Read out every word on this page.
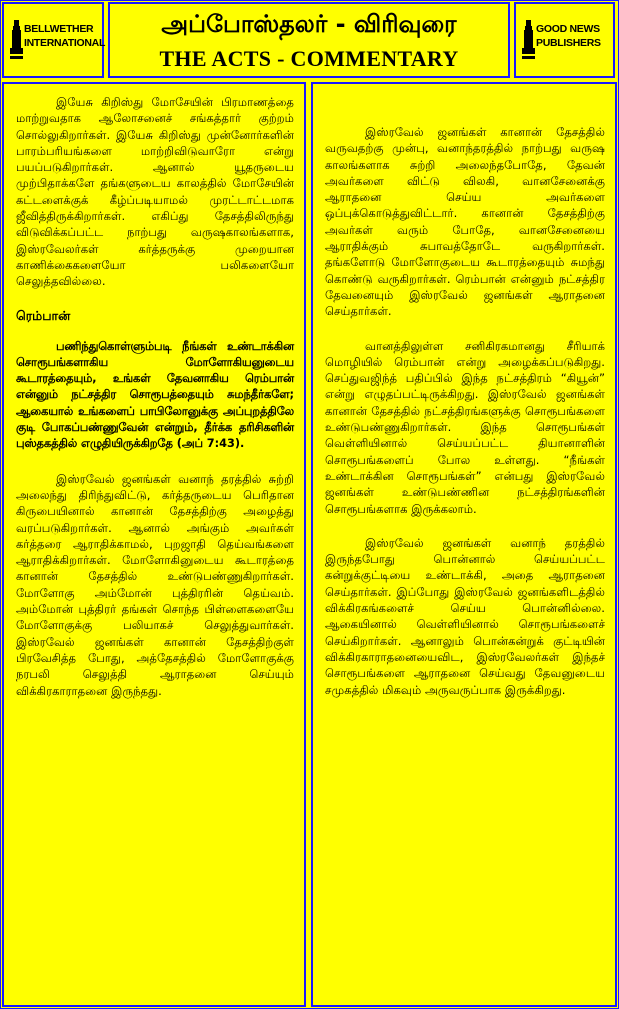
BELLWETHER
INTERNATIONAL
அப்போஸ்தலர் - விரிவுரை
THE ACTS - COMMENTARY
GOOD NEWS
PUBLISHERS

இயேசு கிறிஸ்து மோசேயின் பிரமாணத்தை மாற்றுவதாக ஆலோசனைச் சங்கத்தார் குற்றம் சொல்லுகிறார்கள். இயேசு கிறிஸ்து முன்னோர்களின் பாரம்பரியங்களை மாற்றிவிடுவாரோ என்று பயப்படுகிறார்கள். ஆனால் யூதருடைய முற்பிதாக்களே தங்களுடைய காலத்தில் மோசேயின் கட்டளைக்குக் கீழ்ப்படியாமல் முரட்டாட்டமாக ஜீவித்திருக்கிறார்கள். எகிப்து தேசத்திலிருந்து விடுவிக்கப்பட்ட நாற்பது வருஷகாலங்களாக, இஸ்ரவேலர்கள் கர்த்தருக்கு முறையான காணிக்கைகளையோ பலிகளையோ செலுத்தவில்லை.

ரெம்பான்

பணிந்துகொள்ளும்படி நீங்கள் உண்டாக்கின சொரூபங்களாகிய மோளோகியனுடைய கூடாரத்தையும், உங்கள் தேவனாகிய ரெம்பான் என்னும் நட்சத்திர சொரூபத்தையும் சுமந்தீர்களே; ஆகையால் உங்களைப் பாபிலோனுக்கு அப்புறத்திலே குடி போகப்பண்ணுவேன் என்றும், தீர்க்க தரிசிகளின் புஸ்தகத்தில் எழுதியிருக்கிறதே (அப் 7:43).

இஸ்ரவேல் ஜனங்கள் வனாந் தரத்தில் சுற்றி அலைந்து திரிந்துவிட்டு, கர்த்தருடைய பெரிதான கிருபையினால் கானான் தேசத்திற்கு அழைத்து வரப்படுகிறார்கள். ஆனால் அங்கும் அவர்கள் கர்த்தரை ஆராதிக்காமல், புறஜாதி தெய்வங்களை ஆராதிக்கிறார்கள். மோளோகினுடைய கூடாரத்தை கானான் தேசத்தில் உண்டுபண்ணுகிறார்கள். மோளோகு அம்மோன் புத்திரரின் தெய்வம். அம்மோன் புத்திரர் தங்கள் சொந்த பிள்ளைகளையே மோளோகுக்கு பலியாகச் செலுத்துவார்கள். இஸ்ரவேல் ஜனங்கள் கானான் தேசத்திற்குள் பிரவேசித்த போது, அத்தேசத்தில் மோளோகுக்கு நரபலி செலுத்தி ஆராதனை செய்யும் விக்கிரகாராதனை இருந்தது.

இஸ்ரவேல் ஜனங்கள் கானான் தேசத்தில் வருவதற்கு முன்பு, வனாந்தரத்தில் நாற்பது வருஷ காலங்களாக சுற்றி அலைந்தபோதே, தேவன் அவர்களை விட்டு விலகி, வானசேனைக்கு ஆராதனை செய்ய அவர்களை ஒப்புக்கொடுத்துவிட்டார். கானான் தேசத்திற்கு அவர்கள் வரும் போதே, வானசேனையை ஆராதிக்கும் சுபாவத்தோடே வருகிறார்கள். தங்களோடு மோளோகுடைய கூடாரத்தையும் சுமந்து கொண்டு வருகிறார்கள். ரெம்பான் என்னும் நட்சத்திர தேவனையும் இஸ்ரவேல் ஜனங்கள் ஆராதனை செய்தார்கள்.

வானத்திலுள்ள சனிகிரகமானது சீரியாக் மொழியில் ரெம்பான் என்று அழைக்கப்படுகிறது. செப்துவஜிந்த் பதிப்பில் இந்த நட்சத்திரம் “கியூன்” என்று எழுதப்பட்டிருக்கிறது. இஸ்ரவேல் ஜனங்கள் கானான் தேசத்தில் நட்சத்திரங்களுக்கு சொரூபங்களை உண்டுபண்ணுகிறார்கள். இந்த சொரூபங்கள் வெள்ளியினால் செய்யப்பட்ட தியானாளின் சொரூபங்களைப் போல உள்ளது. “நீங்கள் உண்டாக்கின சொரூபங்கள்” என்பது இஸ்ரவேல் ஜனங்கள் உண்டுபண்ணின நட்சத்திரங்களின் சொரூபங்களாக இருக்கலாம்.

இஸ்ரவேல் ஜனங்கள் வனாந் தரத்தில் இருந்தபோது பொன்னால் செய்யப்பட்ட கன்றுக்குட்டியை உண்டாக்கி, அதை ஆராதனை செய்தார்கள். இப்போது இஸ்ரவேல் ஜனங்களிடத்தில் விக்கிரகங்களைச் செய்ய பொன்னில்லை. ஆகையினால் வெள்ளியினால் சொரூபங்களைச் செய்கிறார்கள். ஆனாலும் பொன்கன்றுக் குட்டியின் விக்கிரகாராதனையைவிட, இஸ்ரவேலர்கள் இந்தச் சொரூபங்களை ஆராதனை செய்வது தேவனுடைய சமுகத்தில் மிகவும் அருவருப்பாக இருக்கிறது.
